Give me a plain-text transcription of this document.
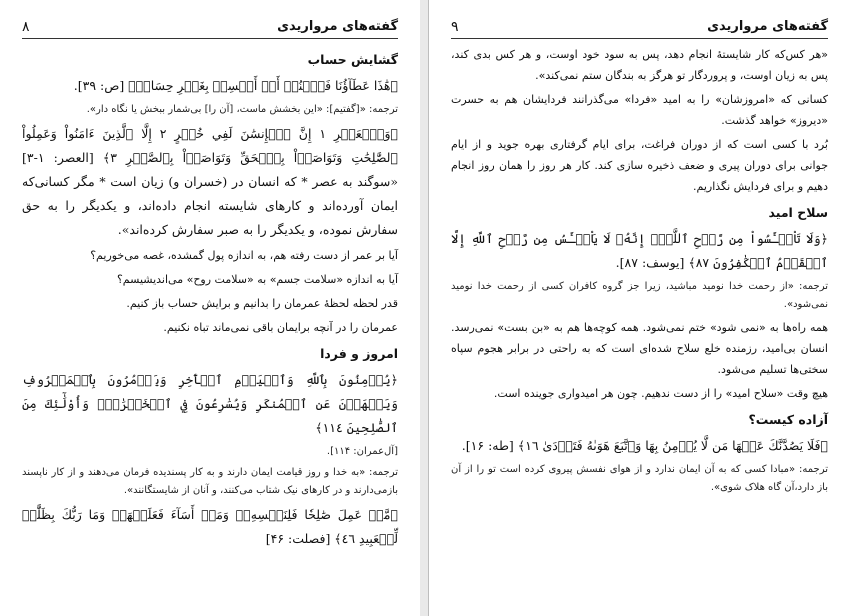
گفته‌های مرواریدی
۸
گشایش حساب

﴿هَٰذَا عَطَآؤُنَا فَٱمۡنُنۡ أَوۡ أَمۡسِكۡ بِغَيۡرِ حِسَابٖ﴾ [ص: ۳۹].

ترجمه: «[گفتیم]: «این بخشش ماست، [آن را] بی‌شمار ببخش یا نگاه دار».

﴿وَٱلۡعَصۡرِ ١ إِنَّ ٱلۡإِنسَٰنَ لَفِي خُسۡرٍ ٢ إِلَّا ٱلَّذِينَ ءَامَنُواْ وَعَمِلُواْ ٱلصَّٰلِحَٰتِ وَتَوَاصَوۡاْ بِٱلۡحَقِّ وَتَوَاصَوۡاْ بِٱلصَّبۡرِ ٣﴾ [العصر: ۱-۳] «سوگند به عصر * که انسان در (خسران و) زیان است * مگر کسانی‌که ایمان آورده‌اند و کارهای شایسته انجام داده‌اند، و یکدیگر را به حق سفارش نموده، و یکدیگر را به صبر سفارش کرده‌اند».

آیا بر عمر از دست رفته هم، به اندازه پول گمشده، غصه می‌خوریم؟

آیا به اندازه «سلامت جسم» به «سلامت روح» می‌اندیشیسم؟

قدر لحظه لحظهٔ عمرمان را بدانیم و برایش حساب باز کنیم.

عمرمان را در آنچه برایمان باقی نمی‌ماند تباه نکنیم.

امروز و فردا

﴿يُؤۡمِنُونَ بِٱللَّهِ وَٱلۡيَوۡمِ ٱلۡأٓخِرِ وَيَأۡمُرُونَ بِٱلۡمَعۡرُوفِ وَيَنۡهَوۡنَ عَنِ ٱلۡمُنكَرِ وَيُسَٰرِعُونَ فِي ٱلۡخَيۡرَٰتِۖ وَأُوْلَٰٓئِكَ مِنَ ٱلصَّٰلِحِينَ ١١٤﴾

[آل‌عمران: ۱۱۴].

ترجمه: «به خدا و روز قیامت ایمان دارند و به کار پسندیده فرمان می‌دهند و از کار ناپسند بازمی‌دارند و در کارهای نیک شتاب می‌کنند، و آنان از شایستگانند».

﴿مَّنۡ عَمِلَ صَٰلِحٗا فَلِنَفۡسِهِۦۖ وَمَنۡ أَسَآءَ فَعَلَيۡهَاۗ وَمَا رَبُّكَ بِظَلَّٰمٖ لِّلۡعَبِيدِ ٤٦﴾ [فصلت: ۴۶]

گفته‌های مرواریدی
۹

«هر کس‌که کار شایستهٔ انجام دهد، پس به سود خود اوست، و هر کس بدی کند، پس به زیان اوست، و پروردگار تو هرگز به بندگان ستم نمی‌کند».

کسانی که «امروزشان» را به امید «فردا» می‌گذرانند فردایشان هم به حسرت «دیروز» خواهد گذشت.

بُرد با کسی است که از دوران فراغت، برای ایام گرفتاری بهره جوید و از ایام جوانی برای دوران پیری و ضعف ذخیره سازی کند. کار هر روز را همان روز انجام دهیم و برای فردایش نگذاریم.

سلاح امید

﴿وَلَا تَاْيۡـَٔسُواْ مِن رَّوۡحِ ٱللَّهِۖ إِنَّهُۥ لَا يَاْيۡـَٔسُ مِن رَّوۡحِ ٱللَّهِ إِلَّا ٱلۡقَوۡمُ ٱلۡكَٰفِرُونَ ٨٧﴾ [یوسف: ۸۷].

ترجمه: «از رحمت خدا نومید مباشید، زیرا جز گروه کافران کسی از رحمت خدا نومید نمی‌شود».

همه راه‌ها به «نمی شود» ختم نمی‌شود. همه کوچه‌ها هم به «بن بست» نمی‌رسد. انسان بی‌امید، رزمنده خلع سلاح شده‌ای است که به راحتی در برابر هجوم سپاه سختی‌ها تسلیم می‌شود.

هیچ وقت «سلاح امید» را از دست ندهیم. چون هر امیدواری جوینده است.

آزاده کیست؟

﴿فَلَا يَصُدَّنَّكَ عَنۡهَا مَن لَّا يُؤۡمِنُ بِهَا وَٱتَّبَعَ هَوَىٰهُ فَتَرۡدَىٰ ١٦﴾ [طه: ۱۶].

ترجمه: «مبادا کسی که به آن ایمان ندارد و از هوای نفسش پیروی کرده است تو را از آن باز دارد،آن گاه هلاک شوی».
